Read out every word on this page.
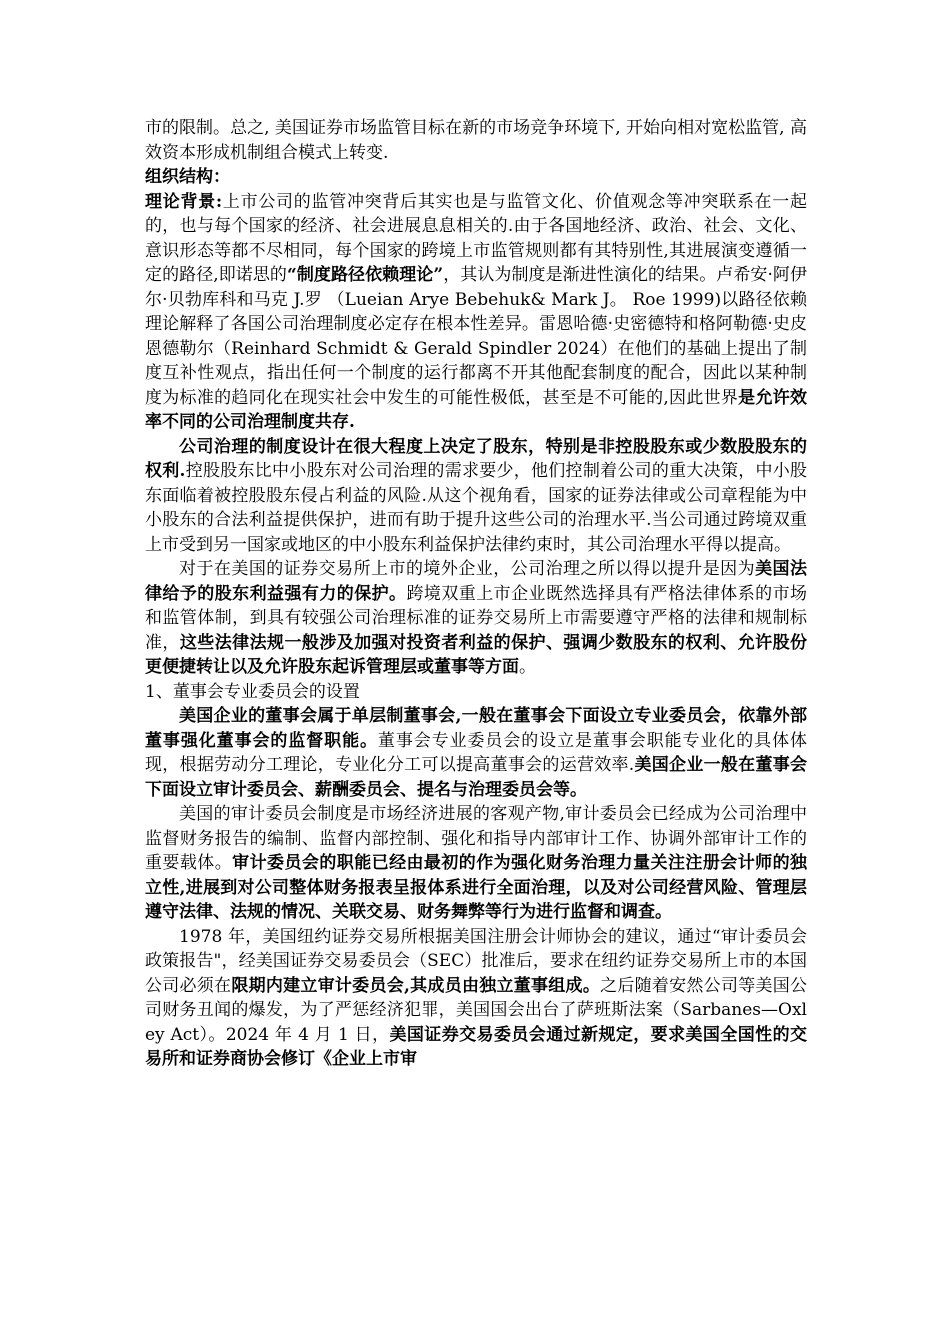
市的限制。总之, 美国证券市场监管目标在新的市场竞争环境下, 开始向相对宽松监管, 高效资本形成机制组合模式上转变.

组织结构：

理论背景:上市公司的监管冲突背后其实也是与监管文化、价值观念等冲突联系在一起的，也与每个国家的经济、社会进展息息相关的.由于各国地经济、政治、社会、文化、意识形态等都不尽相同，每个国家的跨境上市监管规则都有其特别性,其进展演变遵循一定的路径,即诺思的“制度路径依赖理论”，其认为制度是渐进性演化的结果。卢希安·阿伊尔·贝勃库科和马克 J.罗 （Lueian Arye Bebehuk& Mark J。 Roe 1999)以路径依赖理论解释了各国公司治理制度必定存在根本性差异。雷恩哈德·史密德特和格阿勒德·史皮恩德勒尔（Reinhard Schmidt & Gerald Spindler 2024）在他们的基础上提出了制度互补性观点，指出任何一个制度的运行都离不开其他配套制度的配合，因此以某种制度为标准的趋同化在现实社会中发生的可能性极低，甚至是不可能的,因此世界是允许效率不同的公司治理制度共存.

公司治理的制度设计在很大程度上决定了股东，特别是非控股股东或少数股股东的权利.控股股东比中小股东对公司治理的需求要少，他们控制着公司的重大决策，中小股东面临着被控股股东侵占利益的风险.从这个视角看，国家的证券法律或公司章程能为中小股东的合法利益提供保护，进而有助于提升这些公司的治理水平.当公司通过跨境双重上市受到另一国家或地区的中小股东利益保护法律约束时，其公司治理水平得以提高。

对于在美国的证券交易所上市的境外企业，公司治理之所以得以提升是因为美国法律给予的股东利益强有力的保护。跨境双重上市企业既然选择具有严格法律体系的市场和监管体制，到具有较强公司治理标准的证券交易所上市需要遵守严格的法律和规制标准，这些法律法规一般涉及加强对投资者利益的保护、强调少数股东的权利、允许股份更便捷转让以及允许股东起诉管理层或董事等方面。

1、董事会专业委员会的设置

美国企业的董事会属于单层制董事会,一般在董事会下面设立专业委员会，依靠外部董事强化董事会的监督职能。董事会专业委员会的设立是董事会职能专业化的具体体现，根据劳动分工理论，专业化分工可以提高董事会的运营效率.美国企业一般在董事会下面设立审计委员会、薪酬委员会、提名与治理委员会等。

美国的审计委员会制度是市场经济进展的客观产物,审计委员会已经成为公司治理中监督财务报告的编制、监督内部控制、强化和指导内部审计工作、协调外部审计工作的重要载体。审计委员会的职能已经由最初的作为强化财务治理力量关注注册会计师的独立性,进展到对公司整体财务报表呈报体系进行全面治理，以及对公司经营风险、管理层遵守法律、法规的情况、关联交易、财务舞弊等行为进行监督和调查。

1978 年，美国纽约证券交易所根据美国注册会计师协会的建议，通过“审计委员会政策报告"，经美国证券交易委员会（SEC）批准后，要求在纽约证券交易所上市的本国公司必须在限期内建立审计委员会,其成员由独立董事组成。之后随着安然公司等美国公司财务丑闻的爆发，为了严惩经济犯罪，美国国会出台了萨班斯法案（Sarbanes—Oxley Act）。2024 年 4 月 1 日，美国证券交易委员会通过新规定，要求美国全国性的交易所和证券商协会修订《企业上市审
